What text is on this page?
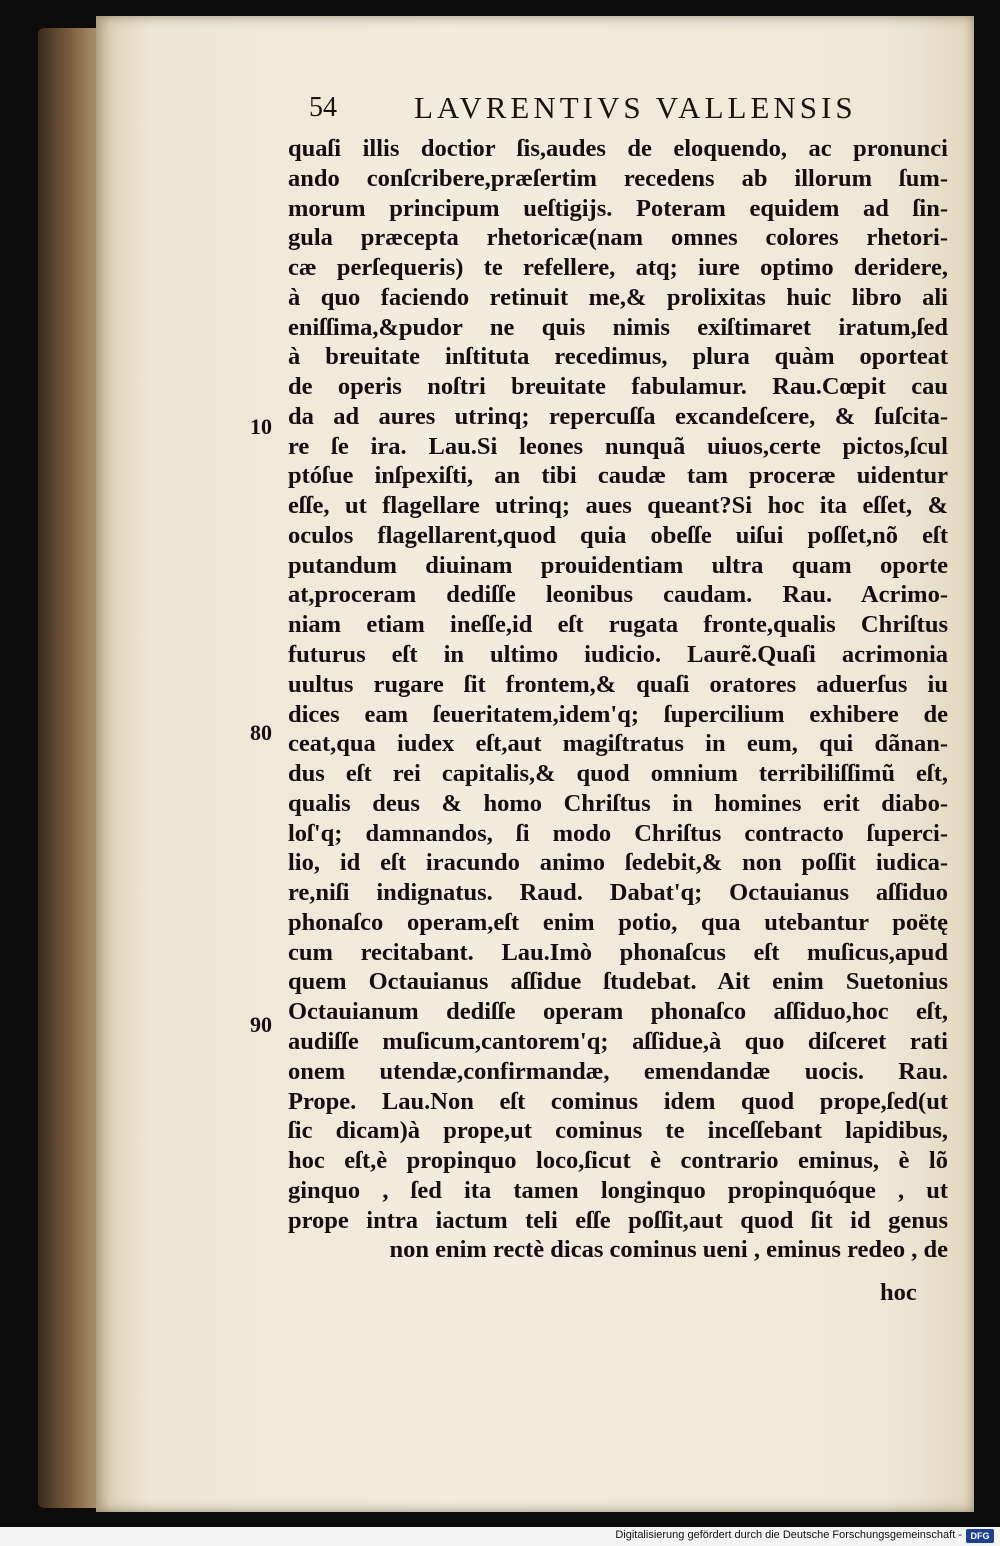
54 LAVRENTIVS VALLENSIS
quaſi illis doctior ſis,audes de eloquendo, ac pronunci
ando conſcribere,præſertim recedens ab illorum ſum-
morum principum ueſtigijs. Poteram equidem ad ſin-
gula præcepta rhetoricæ(nam omnes colores rhetori-
cæ perſequeris) te refellere, atq; iure optimo deridere,
à quo faciendo retinuit me,& prolixitas huic libro ali
eniſſima,&pudor ne quis nimis exiſtimaret iratum,ſed
à breuitate inſtituta recedimus, plura quàm oporteat
de operis noſtri breuitate fabulamur. Rau.Cœpit cau
da ad aures utrinq; repercuſſa excandeſcere, & ſuſcita-
re ſe ira. Lau.Si leones nunquã uiuos,certe pictos,ſcul
ptóſue inſpexiſti, an tibi caudæ tam proceræ uidentur
eſſe, ut flagellare utrinq; aues queant?Si hoc ita eſſet, &
oculos flagellarent,quod quia obeſſe uiſui poſſet,nõ eſt
putandum diuinam prouidentiam ultra quam oporte
at,proceram dediſſe leonibus caudam. Rau. Acrimo-
niam etiam ineſſe,id eſt rugata fronte,qualis Chriſtus
futurus eſt in ultimo iudicio. Laurẽ.Quaſi acrimonia
uultus rugare ſit frontem,& quaſi oratores aduerſus iu
dices eam ſeueritatem,idem'q; ſupercilium exhibere de
ceat,qua iudex eſt,aut magiſtratus in eum, qui dãnan-
dus eſt rei capitalis,& quod omnium terribiliſſimũ eſt,
qualis deus & homo Chriſtus in homines erit diabo-
loſ'q; damnandos, ſi modo Chriſtus contracto ſuperci-
lio, id eſt iracundo animo ſedebit,& non poſſit iudica-
re,niſi indignatus. Raud. Dabat'q; Octauianus aſſiduo
phonaſco operam,eſt enim potio, qua utebantur poëtę
cum recitabant. Lau.Imò phonaſcus eſt muſicus,apud
quem Octauianus aſſidue ſtudebat. Ait enim Suetonius
Octauianum dediſſe operam phonaſco aſſiduo,hoc eſt,
audiſſe muſicum,cantorem'q; aſſidue,à quo diſceret rati
onem utendæ,confirmandæ, emendandæ uocis. Rau.
Prope. Lau.Non eſt cominus idem quod prope,ſed(ut
ſic dicam)à prope,ut cominus te inceſſebant lapidibus,
hoc eſt,è propinquo loco,ſicut è contrario eminus, è lõ
ginquo , ſed ita tamen longinquo propinquóque , ut
prope intra iactum teli eſſe poſſit,aut quod ſit id genus
non enim rectè dicas cominus ueni , eminus redeo , de
10
80
90
hoc
Digitalisierung gefördert durch die Deutsche Forschungsgemeinschaft - DFG
